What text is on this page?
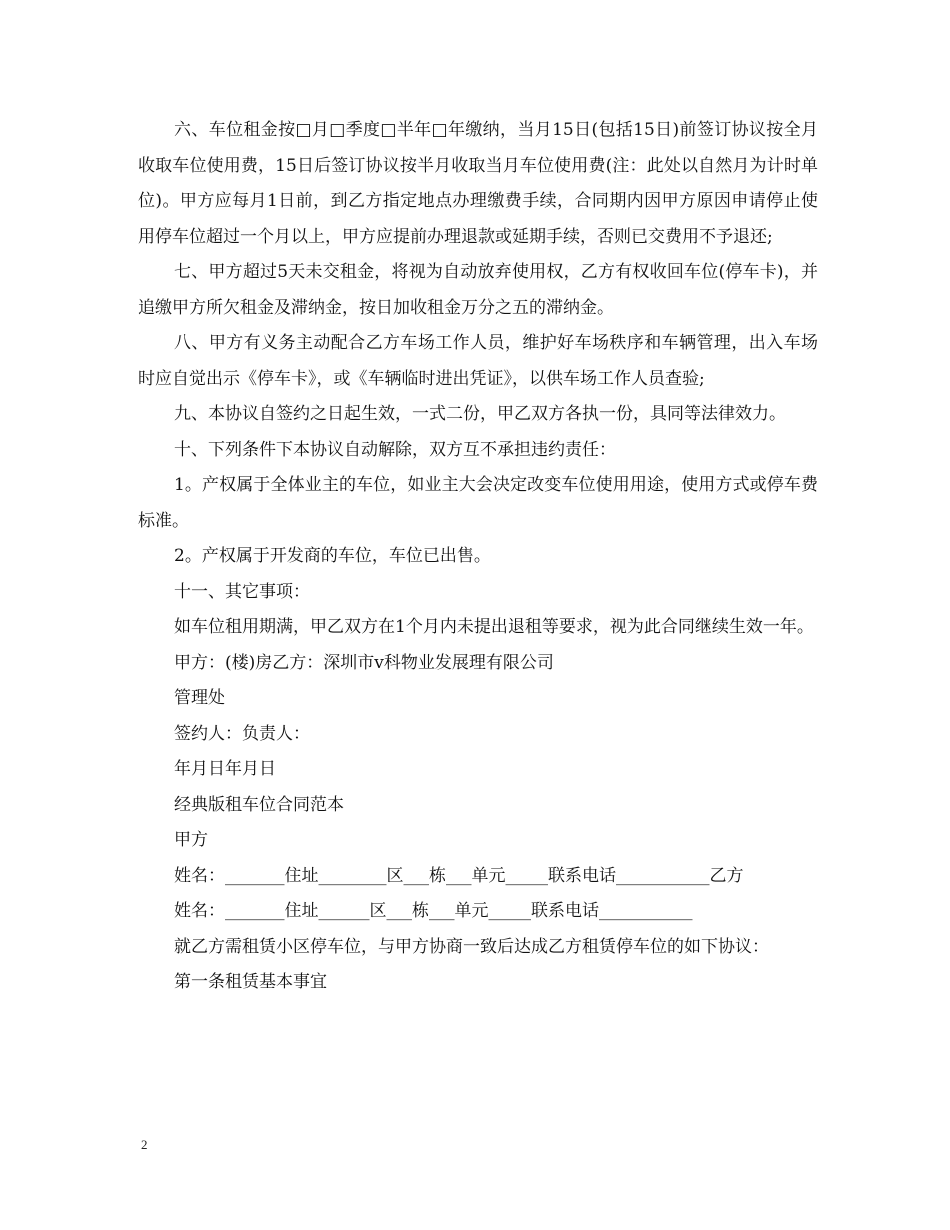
六、车位租金按□月□季度□半年□年缴纳，当月15日(包括15日)前签订协议按全月收取车位使用费，15日后签订协议按半月收取当月车位使用费(注：此处以自然月为计时单位)。甲方应每月1日前，到乙方指定地点办理缴费手续，合同期内因甲方原因申请停止使用停车位超过一个月以上，甲方应提前办理退款或延期手续，否则已交费用不予退还;

七、甲方超过5天未交租金，将视为自动放弃使用权，乙方有权收回车位(停车卡)，并追缴甲方所欠租金及滞纳金，按日加收租金万分之五的滞纳金。

八、甲方有义务主动配合乙方车场工作人员，维护好车场秩序和车辆管理，出入车场时应自觉出示《停车卡》，或《车辆临时进出凭证》，以供车场工作人员查验;

九、本协议自签约之日起生效，一式二份，甲乙双方各执一份，具同等法律效力。

十、下列条件下本协议自动解除，双方互不承担违约责任：

1。产权属于全体业主的车位，如业主大会决定改变车位使用用途，使用方式或停车费标准。

2。产权属于开发商的车位，车位已出售。

十一、其它事项：

如车位租用期满，甲乙双方在1个月内未提出退租等要求，视为此合同继续生效一年。

甲方：(楼)房乙方：深圳市v科物业发展理有限公司

管理处

签约人：负责人：

年月日年月日

经典版租车位合同范本

甲方

姓名：_______住址________区___栋___单元_____联系电话___________乙方

姓名：_______住址______区___栋___单元_____联系电话___________

就乙方需租赁小区停车位，与甲方协商一致后达成乙方租赁停车位的如下协议：

第一条租赁基本事宜

2
